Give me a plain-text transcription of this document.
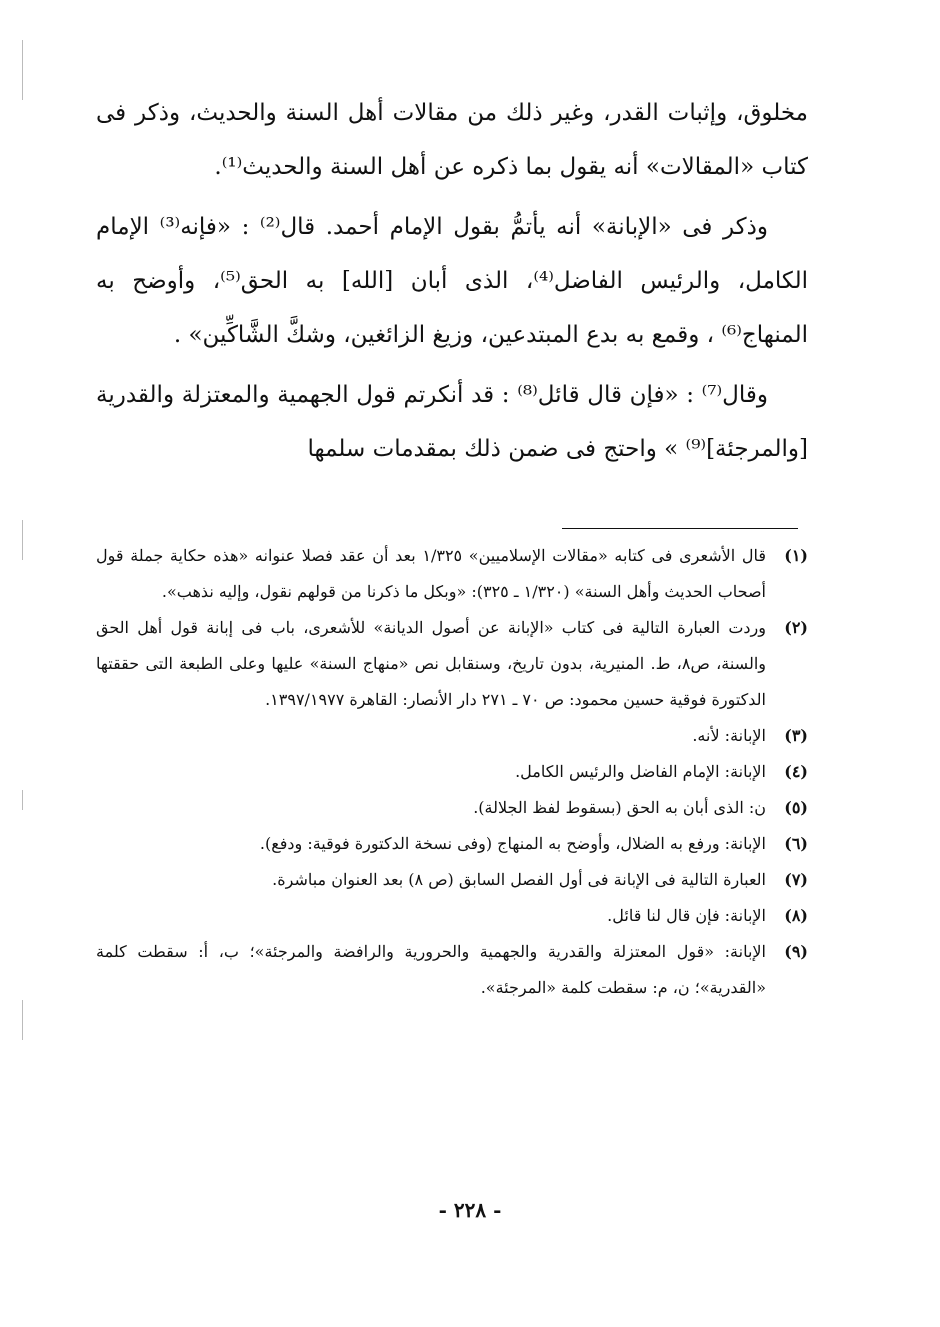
مخلوق، وإثبات القدر، وغير ذلك من مقالات أهل السنة والحديث، وذكر فى كتاب «المقالات» أنه يقول بما ذكره عن أهل السنة والحديث⁽¹⁾.

وذكر فى «الإبانة» أنه يأتمُّ بقول الإمام أحمد. قال⁽²⁾ : «فإنه⁽³⁾ الإمام الكامل، والرئيس الفاضل⁽⁴⁾، الذى أبان [الله] به الحق⁽⁵⁾، وأوضح به المنهاج⁽⁶⁾ ، وقمع به بدع المبتدعين، وزيغ الزائغين، وشكَّ الشَّاكِّين» .

وقال⁽⁷⁾ : «فإن قال قائل⁽⁸⁾ : قد أنكرتم قول الجهمية والمعتزلة والقدرية [والمرجئة]⁽⁹⁾ » واحتج فى ضمن ذلك بمقدمات سلمها

(١)
قال الأشعرى فى كتابه «مقالات الإسلاميين» ١/٣٢٥ بعد أن عقد فصلا عنوانه «هذه حكاية جملة قول أصحاب الحديث وأهل السنة» (١/٣٢٠ ـ ٣٢٥): «وبكل ما ذكرنا من قولهم نقول، وإليه نذهب».
(٢)
وردت العبارة التالية فى كتاب «الإبانة عن أصول الديانة» للأشعرى، باب فى إبانة قول أهل الحق والسنة، ص٨، ط. المنيرية، بدون تاريخ، وسنقابل نص «منهاج السنة» عليها وعلى الطبعة التى حققتها الدكتورة فوقية حسين محمود: ص ٧٠ ـ ٢٧١ دار الأنصار: القاهرة ١٣٩٧/١٩٧٧.
(٣)
الإبانة: لأنه.
(٤)
الإبانة: الإمام الفاضل والرئيس الكامل.
(٥)
ن: الذى أبان به الحق (بسقوط لفظ الجلالة).
(٦)
الإبانة: ورفع به الضلال، وأوضح به المنهاج (وفى نسخة الدكتورة فوقية: ودفع).
(٧)
العبارة التالية فى الإبانة فى أول الفصل السابق (ص ٨) بعد العنوان مباشرة.
(٨)
الإبانة: فإن قال لنا قائل.
(٩)
الإبانة: «قول المعتزلة والقدرية والجهمية والحرورية والرافضة والمرجئة»؛ ب، أ: سقطت كلمة «القدرية»؛ ن، م: سقطت كلمة «المرجئة».
- ٢٢٨ -
